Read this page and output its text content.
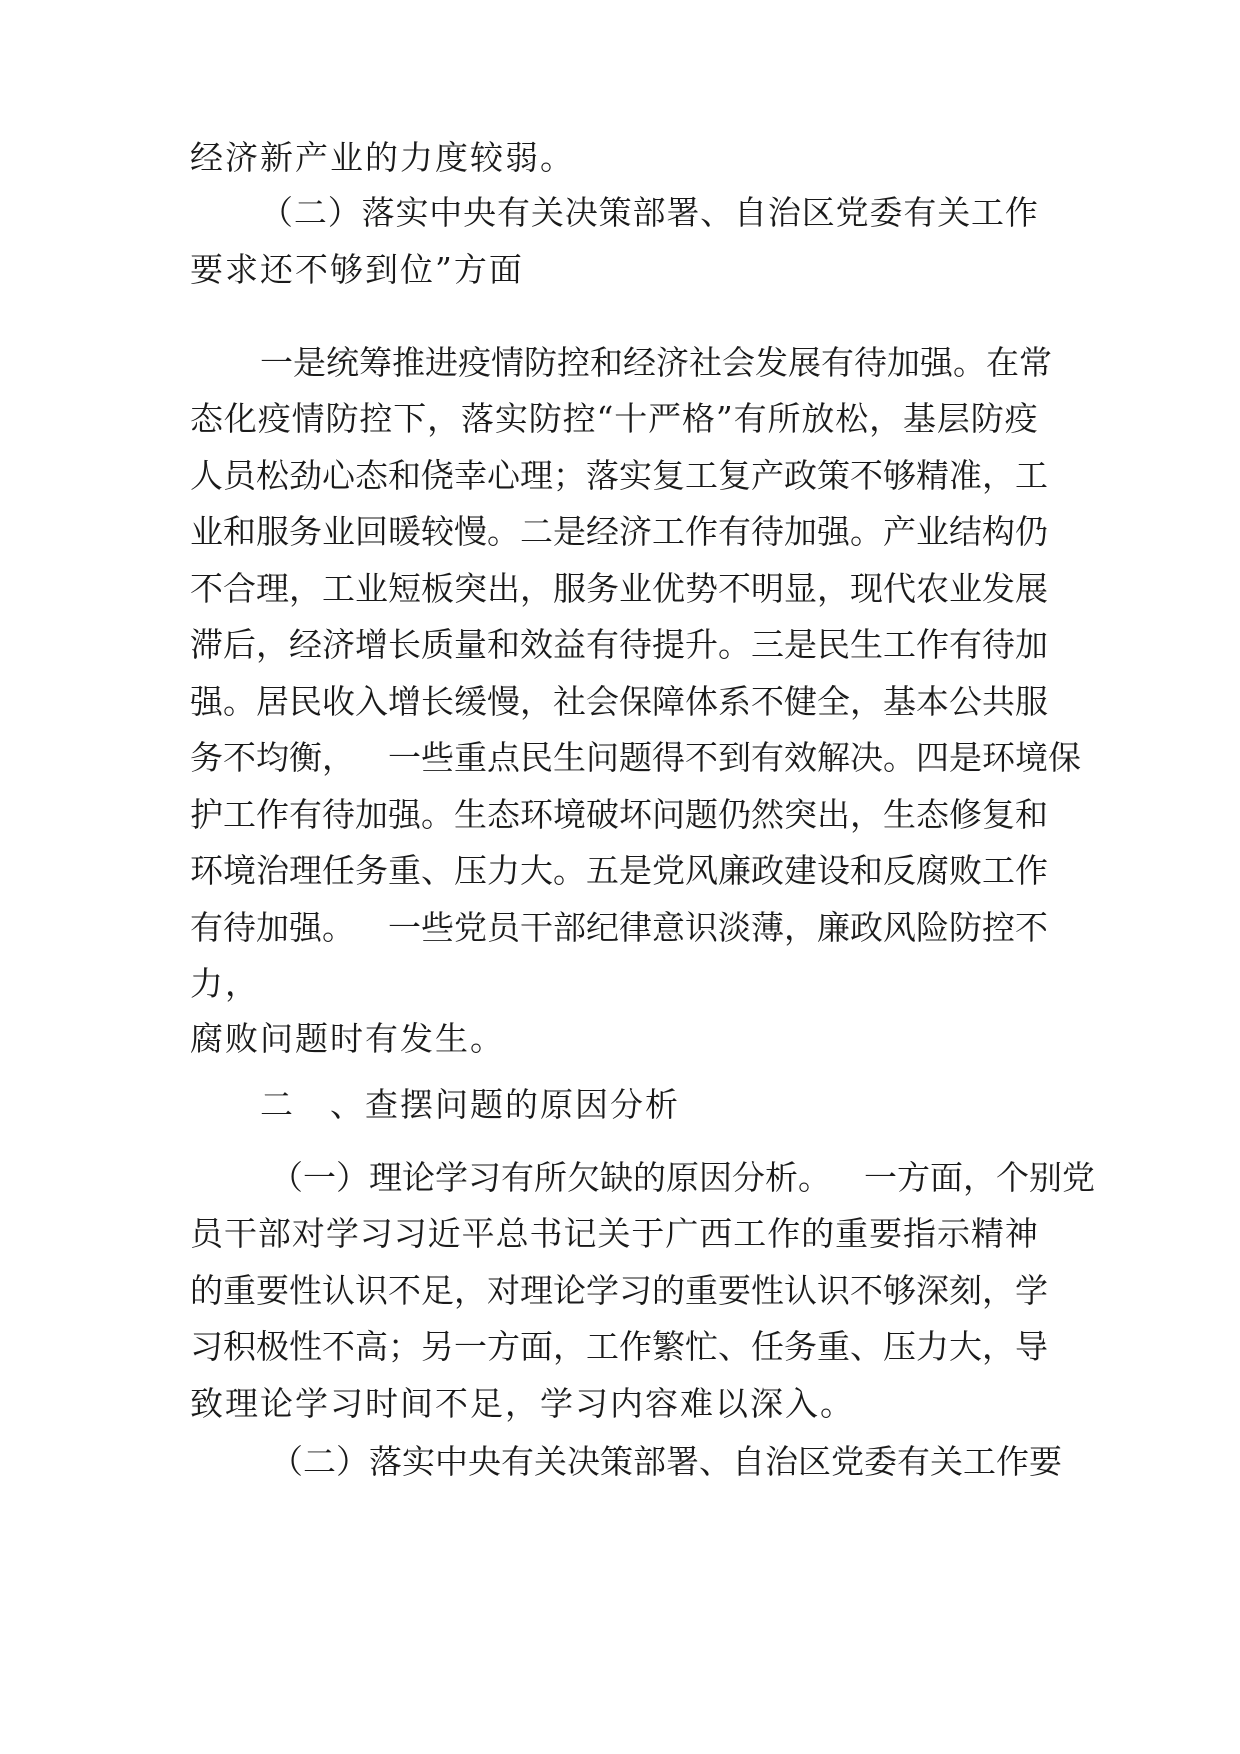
经济新产业的力度较弱。
（ 二 ） 落 实 中 央 有 关 决 策 部 署 、 自 治 区 党 委 有 关 工 作
要求还不够到位”方面
一 是 统 筹 推 进 疫 情 防 控 和 经 济 社 会 发 展 有 待 加 强 。 在 常
态 化 疫 情 防 控 下 ， 落 实 防 控 “ 十 严 格 ” 有 所 放 松 ， 基 层 防 疫
人 员 松 劲 心 态 和 侥 幸 心 理 ； 落 实 复 工 复 产 政 策 不 够 精 准 ， 工
业 和 服 务 业 回 暖 较 慢 。 二 是 经 济 工 作 有 待 加 强 。 产 业 结 构 仍
不 合 理 ， 工 业 短 板 突 出 ， 服 务 业 优 势 不 明 显 ， 现 代 农 业 发 展
滞 后 ， 经 济 增 长 质 量 和 效 益 有 待 提 升 。 三 是 民 生 工 作 有 待 加
强 。 居 民 收 入 增 长 缓 慢 ， 社 会 保 障 体 系 不 健 全 ， 基 本 公 共 服
务 不 均 衡 ，
　 一 些 重 点 民 生 问 题 得 不 到 有 效 解 决 。 四 是 环 境 保
护 工 作 有 待 加 强 。 生 态 环 境 破 坏 问 题 仍 然 突 出 ， 生 态 修 复 和
环 境 治 理 任 务 重 、 压 力 大 。 五 是 党 风 廉 政 建 设 和 反 腐 败 工 作
有 待 加 强 。
　 一 些 党 员 干 部 纪 律 意 识 淡 薄 ， 廉 政 风 险 防 控 不
力，
腐败问题时有发生。
二　、查摆问题的原因分析
（ 一 ） 理 论 学 习 有 所 欠 缺 的 原 因 分 析 。
　 一 方 面 ， 个 别 党
员 干 部 对 学 习 习 近 平 总 书 记 关 于 广 西 工 作 的 重 要 指 示 精 神
的 重 要 性 认 识 不 足 ， 对 理 论 学 习 的 重 要 性 认 识 不 够 深 刻 ， 学
习 积 极 性 不 高 ； 另 一 方 面 ， 工 作 繁 忙 、 任 务 重 、 压 力 大 ， 导
致理论学习时间不足，学习内容难以深入。
（ 二 ） 落 实 中 央 有 关 决 策 部 署 、 自 治 区 党 委 有 关 工 作 要
